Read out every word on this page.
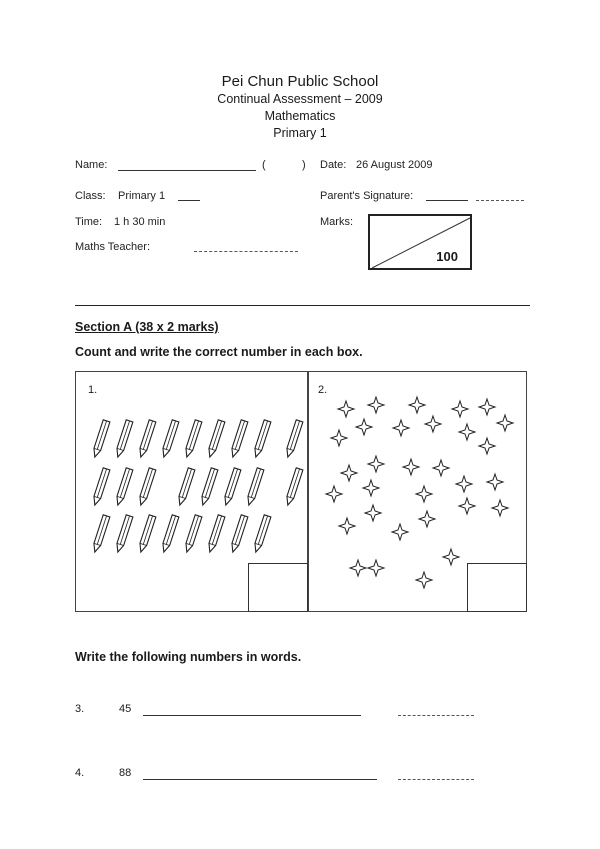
Pei Chun Public School
Continual Assessment – 2009
Mathematics
Primary 1
Name:	(	) Date: 26 August 2009
Class: Primary 1	Parent's Signature:
Time: 1 h 30 min	Marks:
100
Maths Teacher:
Section A (38 x 2 marks)
Count and write the correct number in each box.
1.	2.
Write the following numbers in words.
3.	45
4.	88
